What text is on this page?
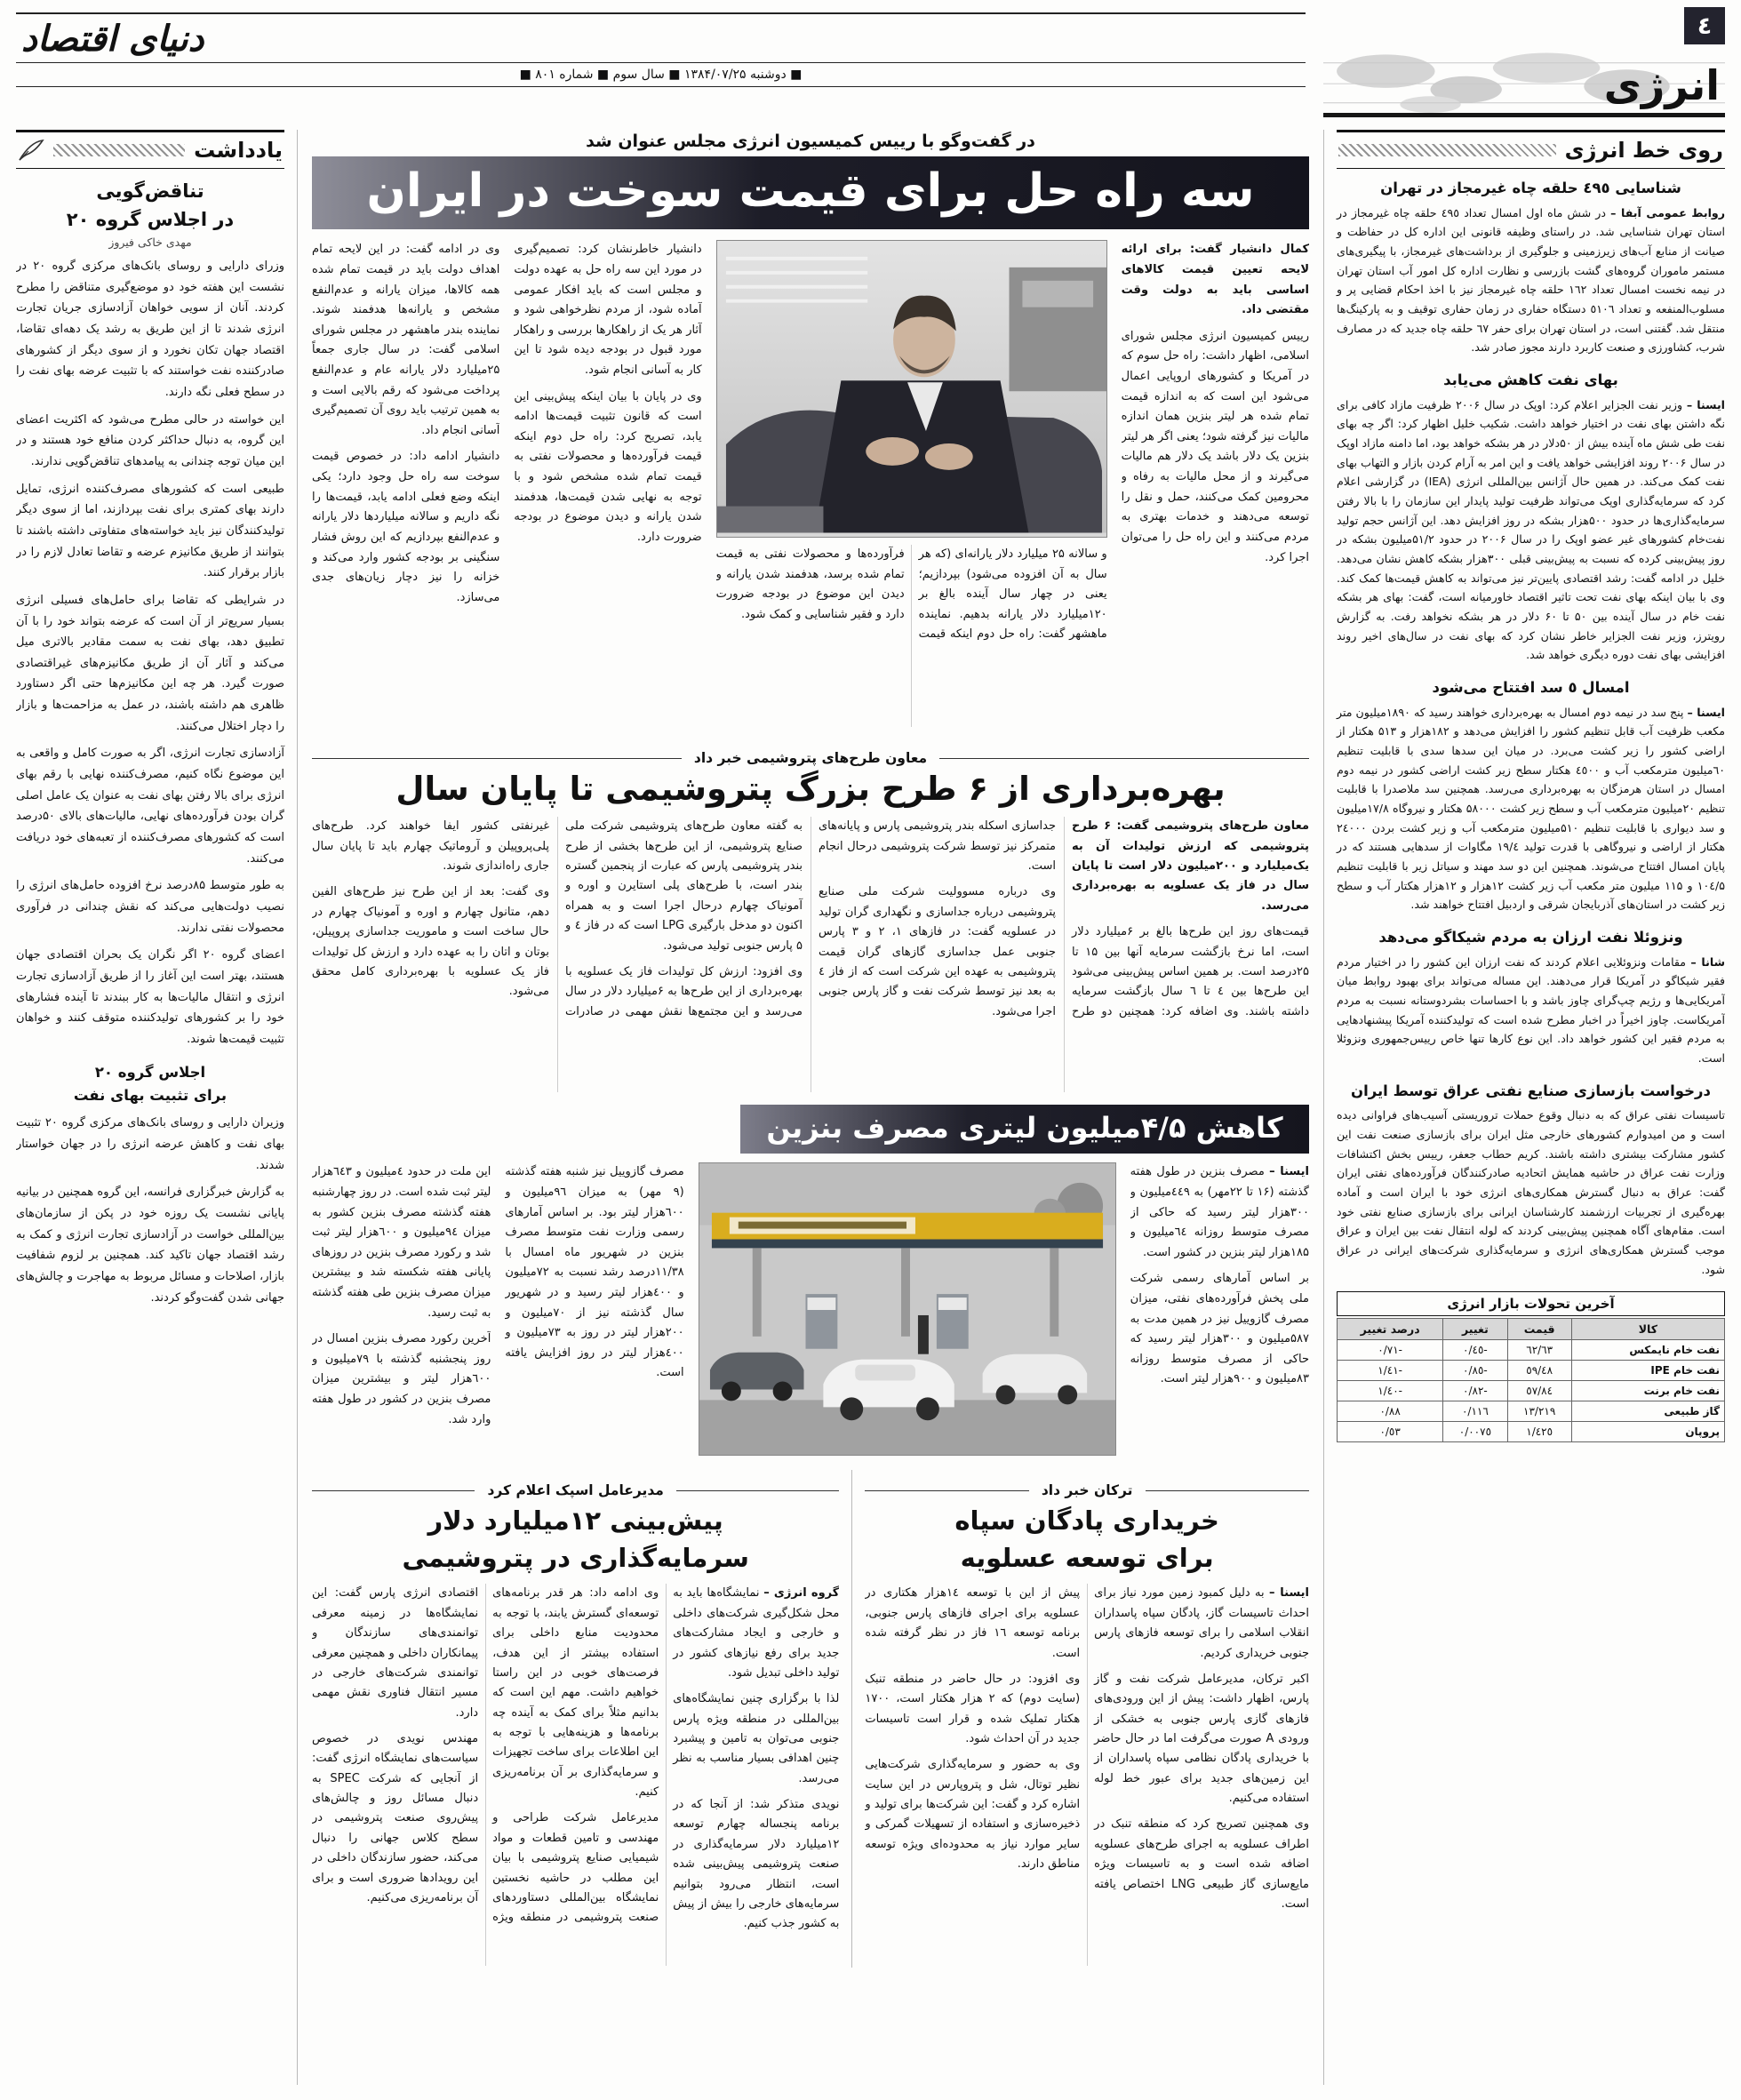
٤
انرژی
دنیای اقتصاد
■ دوشنبه ۱۳۸۴/۰۷/۲۵ ■ سال سوم ■ شماره ۸۰۱ ■
روی خط انرژی
شناسایی ٤٩٥ حلقه چاه غیرمجاز در تهران

روابط عمومی آبفا – در شش ماه اول امسال تعداد ٤٩٥ حلقه چاه غیرمجاز در استان تهران شناسایی شد. در راستای وظیفه قانونی این اداره کل در حفاظت و صیانت از منابع آب‌های زیرزمینی و جلوگیری از برداشت‌های غیرمجاز، با پیگیری‌های مستمر ماموران گروه‌های گشت بازرسی و نظارت اداره کل امور آب استان تهران در نیمه نخست امسال تعداد ١٦٢ حلقه چاه غیرمجاز نیز با اخذ احکام قضایی پر و مسلوب‌المنفعه و تعداد ٥١٠٦ دستگاه حفاری در زمان حفاری توقیف و به پارکینگ‌ها منتقل شد. گفتنی است، در استان تهران برای حفر ٦٧ حلقه چاه جدید که در مصارف شرب، کشاورزی و صنعت کاربرد دارند مجوز صادر شد.

بهای نفت کاهش می‌یابد

ایسنا – وزیر نفت الجزایر اعلام کرد: اوپک در سال ۲۰۰۶ ظرفیت مازاد کافی برای نگه داشتن بهای نفت در اختیار خواهد داشت. شکیب خلیل اظهار کرد: اگر چه بهای نفت طی شش ماه آینده بیش از ۵۰دلار در هر بشکه خواهد بود، اما دامنه مازاد اوپک در سال ۲۰۰۶ روند افزایشی خواهد یافت و این امر به آرام کردن بازار و التهاب بهای نفت کمک می‌کند. در همین حال آژانس بین‌المللی انرژی (IEA) در گزارشی اعلام کرد که سرمایه‌گذاری اوپک می‌تواند ظرفیت تولید پایدار این سازمان را با بالا رفتن سرمایه‌گذاری‌ها در حدود ۵۰۰هزار بشکه در روز افزایش دهد. این آژانس حجم تولید نفت‌خام کشورهای غیر عضو اوپک را در سال ۲۰۰۶ در حدود ۵۱/۲میلیون بشکه در روز پیش‌بینی کرده که نسبت به پیش‌بینی قبلی ۳۰۰هزار بشکه کاهش نشان می‌دهد. خلیل در ادامه گفت: رشد اقتصادی پایین‌تر نیز می‌تواند به کاهش قیمت‌ها کمک کند. وی با بیان اینکه بهای نفت تحت تاثیر اقتصاد خاورمیانه است، گفت: بهای هر بشکه نفت خام در سال آینده بین ۵۰ تا ۶۰ دلار در هر بشکه نخواهد رفت. به گزارش رویترز، وزیر نفت الجزایر خاطر نشان کرد که بهای نفت در سال‌های اخیر روند افزایشی بهای نفت دوره دیگری خواهد شد.

امسال ٥ سد افتتاح می‌شود

ایسنا – پنج سد در نیمه دوم امسال به بهره‌برداری خواهند رسید که ۱۸۹۰میلیون متر مکعب ظرفیت آب قابل تنظیم کشور را افزایش می‌دهد و ۱۸۲هزار و ۵۱۳ هکتار از اراضی کشور را زیر کشت می‌برد. در میان این سدها سدی با قابلیت تنظیم ٦٠میلیون مترمکعب آب و ٤٥٠٠ هکتار سطح زیر کشت اراضی کشور در نیمه دوم امسال در استان هرمزگان به بهره‌برداری می‌رسد. همچنین سد ملاصدرا با قابلیت تنظیم ۲۰میلیون مترمکعب آب و سطح زیر کشت ۵۸۰۰۰ هکتار و نیروگاه ۱۷/۸میلیون و سد دیواری با قابلیت تنظیم ۵۱۰میلیون مترمکعب آب و زیر کشت بردن ۲٤۰۰۰ هکتار از اراضی و نیروگاهی با قدرت تولید ۱۹/٤ مگاوات از سدهایی هستند که در پایان امسال افتتاح می‌شوند. همچنین این دو سد مهند و سیاتل زیر با قابلیت تنظیم ۱۰٤/۵ و ۱۱۵ میلیون متر مکعب آب زیر کشت ۱۲هزار و ۱۲هزار هکتار آب و سطح زیر کشت در استان‌های آذربایجان شرقی و اردبیل افتتاح خواهند شد.

ونزوئلا نفت ارزان به مردم شیکاگو می‌دهد

شانا – مقامات ونزوئلایی اعلام کردند که نفت ارزان این کشور را در اختیار مردم فقیر شیکاگو در آمریکا قرار می‌دهند. این مساله می‌تواند برای بهبود روابط میان آمریکایی‌ها و رژیم چپ‌گرای چاوز باشد و با احساسات بشردوستانه نسبت به مردم آمریکاست. چاوز اخیراً در اخبار مطرح شده است که تولیدکننده آمریکا پیشنهادهایی به مردم فقیر این کشور خواهد داد. این نوع کارها تنها خاص رییس‌جمهوری ونزوئلا است.

درخواست بازسازی صنایع نفتی عراق توسط ایران

تاسیسات نفتی عراق که به دنبال وقوع حملات تروریستی آسیب‌های فراوانی دیده است و من امیدوارم کشورهای خارجی مثل ایران برای بازسازی صنعت نفت این کشور مشارکت بیشتری داشته باشند. کریم حطاب جعفر، رییس بخش اکتشافات وزارت نفت عراق در حاشیه همایش اتحادیه صادرکنندگان فرآورده‌های نفتی ایران گفت: عراق به دنبال گسترش همکاری‌های انرژی خود با ایران است و آماده بهره‌گیری از تجربیات ارزشمند کارشناسان ایرانی برای بازسازی صنایع نفتی خود است. مقام‌های آگاه همچنین پیش‌بینی کردند که لوله انتقال نفت بین ایران و عراق موجب گسترش همکاری‌های انرژی و سرمایه‌گذاری شرکت‌های ایرانی در عراق شود.

آخرین تحولات بازار انرژی
کالا	قیمت	تغییر	درصد تغییر
نفت خام نایمکس	٦٢/٦٣	-٠/٤٥	-٠/٧١
نفت خام IPE	٥٩/٤٨	-٠/٨٥	-١/٤١
نفت خام برنت	٥٧/٨٤	-٠/٨٢	-١/٤٠
گاز طبیعی	١٣/٢١٩	٠/١١٦	٠/٨٨
پروپان	١/٤٢٥	٠/٠٠٧٥	٠/٥٣
در گفت‌وگو با رییس کمیسیون انرژی مجلس عنوان شد
سه راه حل برای قیمت سوخت در ایران

کمال دانشیار گفت: برای ارائه لایحه تعیین قیمت کالاهای اساسی باید به دولت وقت مقتضی داد.

رییس کمیسیون انرژی مجلس شورای اسلامی، اظهار داشت: راه حل سوم که در آمریکا و کشورهای اروپایی اعمال می‌شود این است که به اندازه قیمت تمام شده هر لیتر بنزین همان اندازه مالیات نیز گرفته شود؛ یعنی اگر هر لیتر بنزین یک دلار باشد یک دلار هم مالیات می‌گیرند و از محل مالیات به رفاه و محرومین کمک می‌کنند، حمل و نقل را توسعه می‌دهند و خدمات بهتری به مردم می‌کنند و این راه حل را می‌توان اجرا کرد.

و سالانه ۲۵ میلیارد دلار یارانه‌ای (که هر سال به آن افزوده می‌شود) بپردازیم؛ یعنی در چهار سال آینده بالغ بر ۱۲۰میلیارد دلار یارانه بدهیم. نماینده ماهشهر گفت: راه حل دوم اینکه قیمت فرآورده‌ها و محصولات نفتی به قیمت تمام شده برسد، هدفمند شدن یارانه و دیدن این موضوع در بودجه ضرورت دارد و فقیر شناسایی و کمک شود.

دانشیار خاطرنشان کرد: تصمیم‌گیری در مورد این سه راه حل به عهده دولت و مجلس است که باید افکار عمومی آماده شود، از مردم نظرخواهی شود و آثار هر یک از راهکارها بررسی و راهکار مورد قبول در بودجه دیده شود تا این کار به آسانی انجام شود.

وی در پایان با بیان اینکه پیش‌بینی این است که قانون تثبیت قیمت‌ها ادامه یابد، تصریح کرد: راه حل دوم اینکه قیمت فرآورده‌ها و محصولات نفتی به قیمت تمام شده مشخص شود و با توجه به نهایی شدن قیمت‌ها، هدفمند شدن یارانه و دیدن موضوع در بودجه ضرورت دارد.

وی در ادامه گفت: در این لایحه تمام اهداف دولت باید در قیمت تمام شده همه کالاها، میزان یارانه و عدم‌النفع مشخص و یارانه‌ها هدفمند شوند. نماینده بندر ماهشهر در مجلس شورای اسلامی گفت: در سال جاری جمعاً ۲۵میلیارد دلار یارانه عام و عدم‌النفع پرداخت می‌شود که رقم بالایی است و به همین ترتیب باید روی آن تصمیم‌گیری آسانی انجام داد.

دانشیار ادامه داد: در خصوص قیمت سوخت سه راه حل وجود دارد؛ یکی اینکه وضع فعلی ادامه یابد، قیمت‌ها را نگه داریم و سالانه میلیاردها دلار یارانه و عدم‌النفع بپردازیم که این روش فشار سنگینی بر بودجه کشور وارد می‌کند و خزانه را نیز دچار زیان‌های جدی می‌سازد.

معاون طرح‌های پتروشیمی خبر داد
بهره‌برداری از ۶ طرح بزرگ پتروشیمی تا پایان سال

معاون طرح‌های پتروشیمی گفت: ۶ طرح پتروشیمی که ارزش تولیدات آن به یک‌میلیارد و ۲۰۰میلیون دلار است تا پایان سال در فاز یک عسلویه به بهره‌برداری می‌رسد.

قیمت‌های روز این طرح‌ها بالغ بر ۶میلیارد دلار است، اما نرخ بازگشت سرمایه آنها بین ۱۵ تا ۲۵درصد است. بر همین اساس پیش‌بینی می‌شود این طرح‌ها بین ٤ تا ٦ سال بازگشت سرمایه داشته باشند. وی اضافه کرد: همچنین دو طرح جداسازی اسکله بندر پتروشیمی پارس و پایانه‌های متمرکز نیز توسط شرکت پتروشیمی درحال انجام است.

وی درباره مسوولیت شرکت ملی صنایع پتروشیمی درباره جداسازی و نگهداری گران تولید در عسلویه گفت: در فازهای ۱، ۲ و ۳ پارس جنوبی عمل جداسازی گازهای گران قیمت پتروشیمی به عهده این شرکت است که از فاز ٤ به بعد نیز توسط شرکت نفت و گاز پارس جنوبی اجرا می‌شود.

به گفته معاون طرح‌های پتروشیمی شرکت ملی صنایع پتروشیمی، از این طرح‌ها بخشی از طرح بندر پتروشیمی پارس که عبارت از پنجمین گستره بندر است، با طرح‌های پلی استایرن و اوره و آمونیاک چهارم درحال اجرا است و به همراه اکنون دو مدخل بارگیری LPG است که در فاز ٤ و ۵ پارس جنوبی تولید می‌شود.

وی افزود: ارزش کل تولیدات فاز یک عسلویه با بهره‌برداری از این طرح‌ها به ۶میلیارد دلار در سال می‌رسد و این مجتمع‌ها نقش مهمی در صادرات غیرنفتی کشور ایفا خواهند کرد. طرح‌های پلی‌پروپیلن و آروماتیک چهارم باید تا پایان سال جاری راه‌اندازی شوند.

وی گفت: بعد از این طرح نیز طرح‌های الفین دهم، متانول چهارم و اوره و آمونیاک چهارم در حال ساخت است و ماموریت جداسازی پروپیلن، بوتان و اتان را به عهده دارد و ارزش کل تولیدات فاز یک عسلویه با بهره‌برداری کامل محقق می‌شود.

کاهش ۴/۵میلیون لیتری مصرف بنزین

ایسنا – مصرف بنزین در طول هفته گذشته (۱۶ تا ۲۲مهر) به ٤٤۹میلیون و ۳۰۰هزار لیتر رسید که حاکی از مصرف متوسط روزانه ٦٤میلیون و ۱۸۵هزار لیتر بنزین در کشور است.

بر اساس آمارهای رسمی شرکت ملی پخش فرآورده‌های نفتی، میزان مصرف گازوییل نیز در همین مدت به ۵۸۷میلیون و ۳۰۰هزار لیتر رسید که حاکی از مصرف متوسط روزانه ۸۳میلیون و ۹۰۰هزار لیتر است.

مصرف گازوییل نیز شنبه هفته گذشته (۹ مهر) به میزان ۹٦میلیون و ٦۰۰هزار لیتر بود. بر اساس آمارهای رسمی وزارت نفت متوسط مصرف بنزین در شهریور ماه امسال با ۱۱/۳۸درصد رشد نسبت به ۷۲میلیون و ٤۰۰هزار لیتر رسید و در شهریور سال گذشته نیز از ۷۰میلیون و ۲۰۰هزار لیتر در روز به ۷۳میلیون و ٤۰۰هزار لیتر در روز افزایش یافته است.

این ملت در حدود ٤میلیون و ٦٤۳هزار لیتر ثبت شده است. در روز چهارشنبه هفته گذشته مصرف بنزین کشور به میزان ۹٤میلیون و ٦۰۰هزار لیتر ثبت شد و رکورد مصرف بنزین در روزهای پایانی هفته شکسته شد و بیشترین میزان مصرف بنزین طی هفته گذشته به ثبت رسید.

آخرین رکورد مصرف بنزین امسال در روز پنجشنبه گذشته با ۷۹میلیون و ٦۰۰هزار لیتر و بیشترین میزان مصرف بنزین در کشور در طول هفته وارد شد.

ترکان خبر داد
خریداری پادگان سپاه
برای توسعه عسلویه

ایسنا – به دلیل کمبود زمین مورد نیاز برای احداث تاسیسات گاز، پادگان سپاه پاسداران انقلاب اسلامی را برای توسعه فازهای پارس جنوبی خریداری کردیم.

اکبر ترکان، مدیرعامل شرکت نفت و گاز پارس، اظهار داشت: پیش از این ورودی‌های فازهای گازی پارس جنوبی به خشکی از ورودی A صورت می‌گرفت اما در حال حاضر با خریداری پادگان نظامی سپاه پاسداران از این زمین‌های جدید برای عبور خط لوله استفاده می‌کنیم.

وی همچنین تصریح کرد که منطقه تنبک در اطراف عسلویه به اجرای طرح‌های عسلویه اضافه شده است و به تاسیسات ویژه مایع‌سازی گاز طبیعی LNG اختصاص یافته است.

پیش از این با توسعه ۱٤هزار هکتاری در عسلویه برای اجرای فازهای پارس جنوبی، برنامه توسعه ۱٦ فاز در نظر گرفته شده است.

وی افزود: در حال حاضر در منطقه تنبک (سایت دوم) که ۲ هزار هکتار است، ۱۷۰۰ هکتار تملیک شده و قرار است تاسیسات جدید در آن احداث شود.

وی به حضور و سرمایه‌گذاری شرکت‌هایی نظیر توتال، شل و پتروپارس در این سایت اشاره کرد و گفت: این شرکت‌ها برای تولید و ذخیره‌سازی و استفاده از تسهیلات گمرکی و سایر موارد نیاز به محدوده‌ای ویژه توسعه مناطق دارند.

مدیرعامل اسپک اعلام کرد
پیش‌بینی ۱۲میلیارد دلار
سرمایه‌گذاری در پتروشیمی

گروه انرژی – نمایشگاه‌ها باید به محل شکل‌گیری شرکت‌های داخلی و خارجی و ایجاد مشارکت‌های جدید برای رفع نیازهای کشور در تولید داخلی تبدیل شود.

لذا با برگزاری چنین نمایشگاه‌های بین‌المللی در منطقه ویژه پارس جنوبی می‌توان به تامین و پیشبرد چنین اهدافی بسیار مناسب به نظر می‌رسد.

نویدی متذکر شد: از آنجا که در برنامه پنجساله چهارم توسعه ۱۲میلیارد دلار سرمایه‌گذاری در صنعت پتروشیمی پیش‌بینی شده است، انتظار می‌رود بتوانیم سرمایه‌های خارجی را بیش از پیش به کشور جذب کنیم.

وی ادامه داد: هر قدر برنامه‌های توسعه‌ای گسترش یابند، با توجه به محدودیت منابع داخلی برای استفاده بیشتر از این هدف، فرصت‌های خوبی در این راستا خواهیم داشت. مهم این است که بدانیم مثلاً برای کمک به آینده چه برنامه‌ها و هزینه‌هایی با توجه به این اطلاعات برای ساخت تجهیزات و سرمایه‌گذاری بر آن برنامه‌ریزی کنیم.

مدیرعامل شرکت طراحی و مهندسی و تامین قطعات و مواد شیمیایی صنایع پتروشیمی با بیان این مطلب در حاشیه نخستین نمایشگاه بین‌المللی دستاوردهای صنعت پتروشیمی در منطقه ویژه اقتصادی انرژی پارس گفت: این نمایشگاه‌ها در زمینه معرفی توانمندی‌های سازندگان و پیمانکاران داخلی و همچنین معرفی توانمندی شرکت‌های خارجی در مسیر انتقال فناوری نقش مهمی دارد.

مهندس نویدی در خصوص سیاست‌های نمایشگاه انرژی گفت: از آنجایی که شرکت SPEC به دنبال مسائل روز و چالش‌های پیش‌روی صنعت پتروشیمی در سطح کلاس جهانی را دنبال می‌کند، حضور سازندگان داخلی در این رویدادها ضروری است و برای آن برنامه‌ریزی می‌کنیم.

یادداشت
تناقض‌گویی
در اجلاس گروه ۲۰
مهدی خاکی فیروز

وزرای دارایی و روسای بانک‌های مرکزی گروه ۲۰ در نشست این هفته خود دو موضع‌گیری متناقض را مطرح کردند. آنان از سویی خواهان آزادسازی جریان تجارت انرژی شدند تا از این طریق به رشد یک دهه‌ای تقاضا، اقتصاد جهان تکان نخورد و از سوی دیگر از کشورهای صادرکننده نفت خواستند که با تثبیت عرضه بهای نفت را در سطح فعلی نگه دارند.

این خواسته در حالی مطرح می‌شود که اکثریت اعضای این گروه، به دنبال حداکثر کردن منافع خود هستند و در این میان توجه چندانی به پیامدهای تناقض‌گویی ندارند.

طبیعی است که کشورهای مصرف‌کننده انرژی، تمایل دارند بهای کمتری برای نفت بپردازند، اما از سوی دیگر تولیدکنندگان نیز باید خواسته‌های متفاوتی داشته باشند تا بتوانند از طریق مکانیزم عرضه و تقاضا تعادل لازم را در بازار برقرار کنند.

در شرایطی که تقاضا برای حامل‌های فسیلی انرژی بسیار سریع‌تر از آن است که عرضه بتواند خود را با آن تطبیق دهد، بهای نفت به سمت مقادیر بالاتری میل می‌کند و آثار آن از طریق مکانیزم‌های غیراقتصادی صورت گیرد. هر چه این مکانیزم‌ها حتی اگر دستاورد ظاهری هم داشته باشند، در عمل به مزاحمت‌ها و بازار را دچار اختلال می‌کنند.

آزادسازی تجارت انرژی، اگر به صورت کامل و واقعی به این موضوع نگاه کنیم، مصرف‌کننده نهایی با رقم بهای انرژی برای بالا رفتن بهای نفت به عنوان یک عامل اصلی گران بودن فرآورده‌های نهایی، مالیات‌های بالای ۵۰درصد است که کشورهای مصرف‌کننده از تعبه‌های خود دریافت می‌کنند.

به طور متوسط ۸۵درصد نرخ افزوده حامل‌های انرژی را نصیب دولت‌هایی می‌کند که نقش چندانی در فرآوری محصولات نفتی ندارند.

اعضای گروه ۲۰ اگر نگران یک بحران اقتصادی جهان هستند، بهتر است این آغاز را از طریق آزادسازی تجارت انرژی و انتقال مالیات‌ها به کار ببندند تا آینده فشارهای خود را بر کشورهای تولیدکننده متوقف کنند و خواهان تثبیت قیمت‌ها شوند.

اجلاس گروه ۲۰
برای تثبیت بهای نفت

وزیران دارایی و روسای بانک‌های مرکزی گروه ۲۰ تثبیت بهای نفت و کاهش عرضه انرژی را در جهان خواستار شدند.

به گزارش خبرگزاری فرانسه، این گروه همچنین در بیانیه پایانی نشست یک روزه خود در پکن از سازمان‌های بین‌المللی خواست در آزادسازی تجارت انرژی و کمک به رشد اقتصاد جهان تاکید کند. همچنین بر لزوم شفافیت بازار، اصلاحات و مسائل مربوط به مهاجرت و چالش‌های جهانی شدن گفت‌وگو کردند.
